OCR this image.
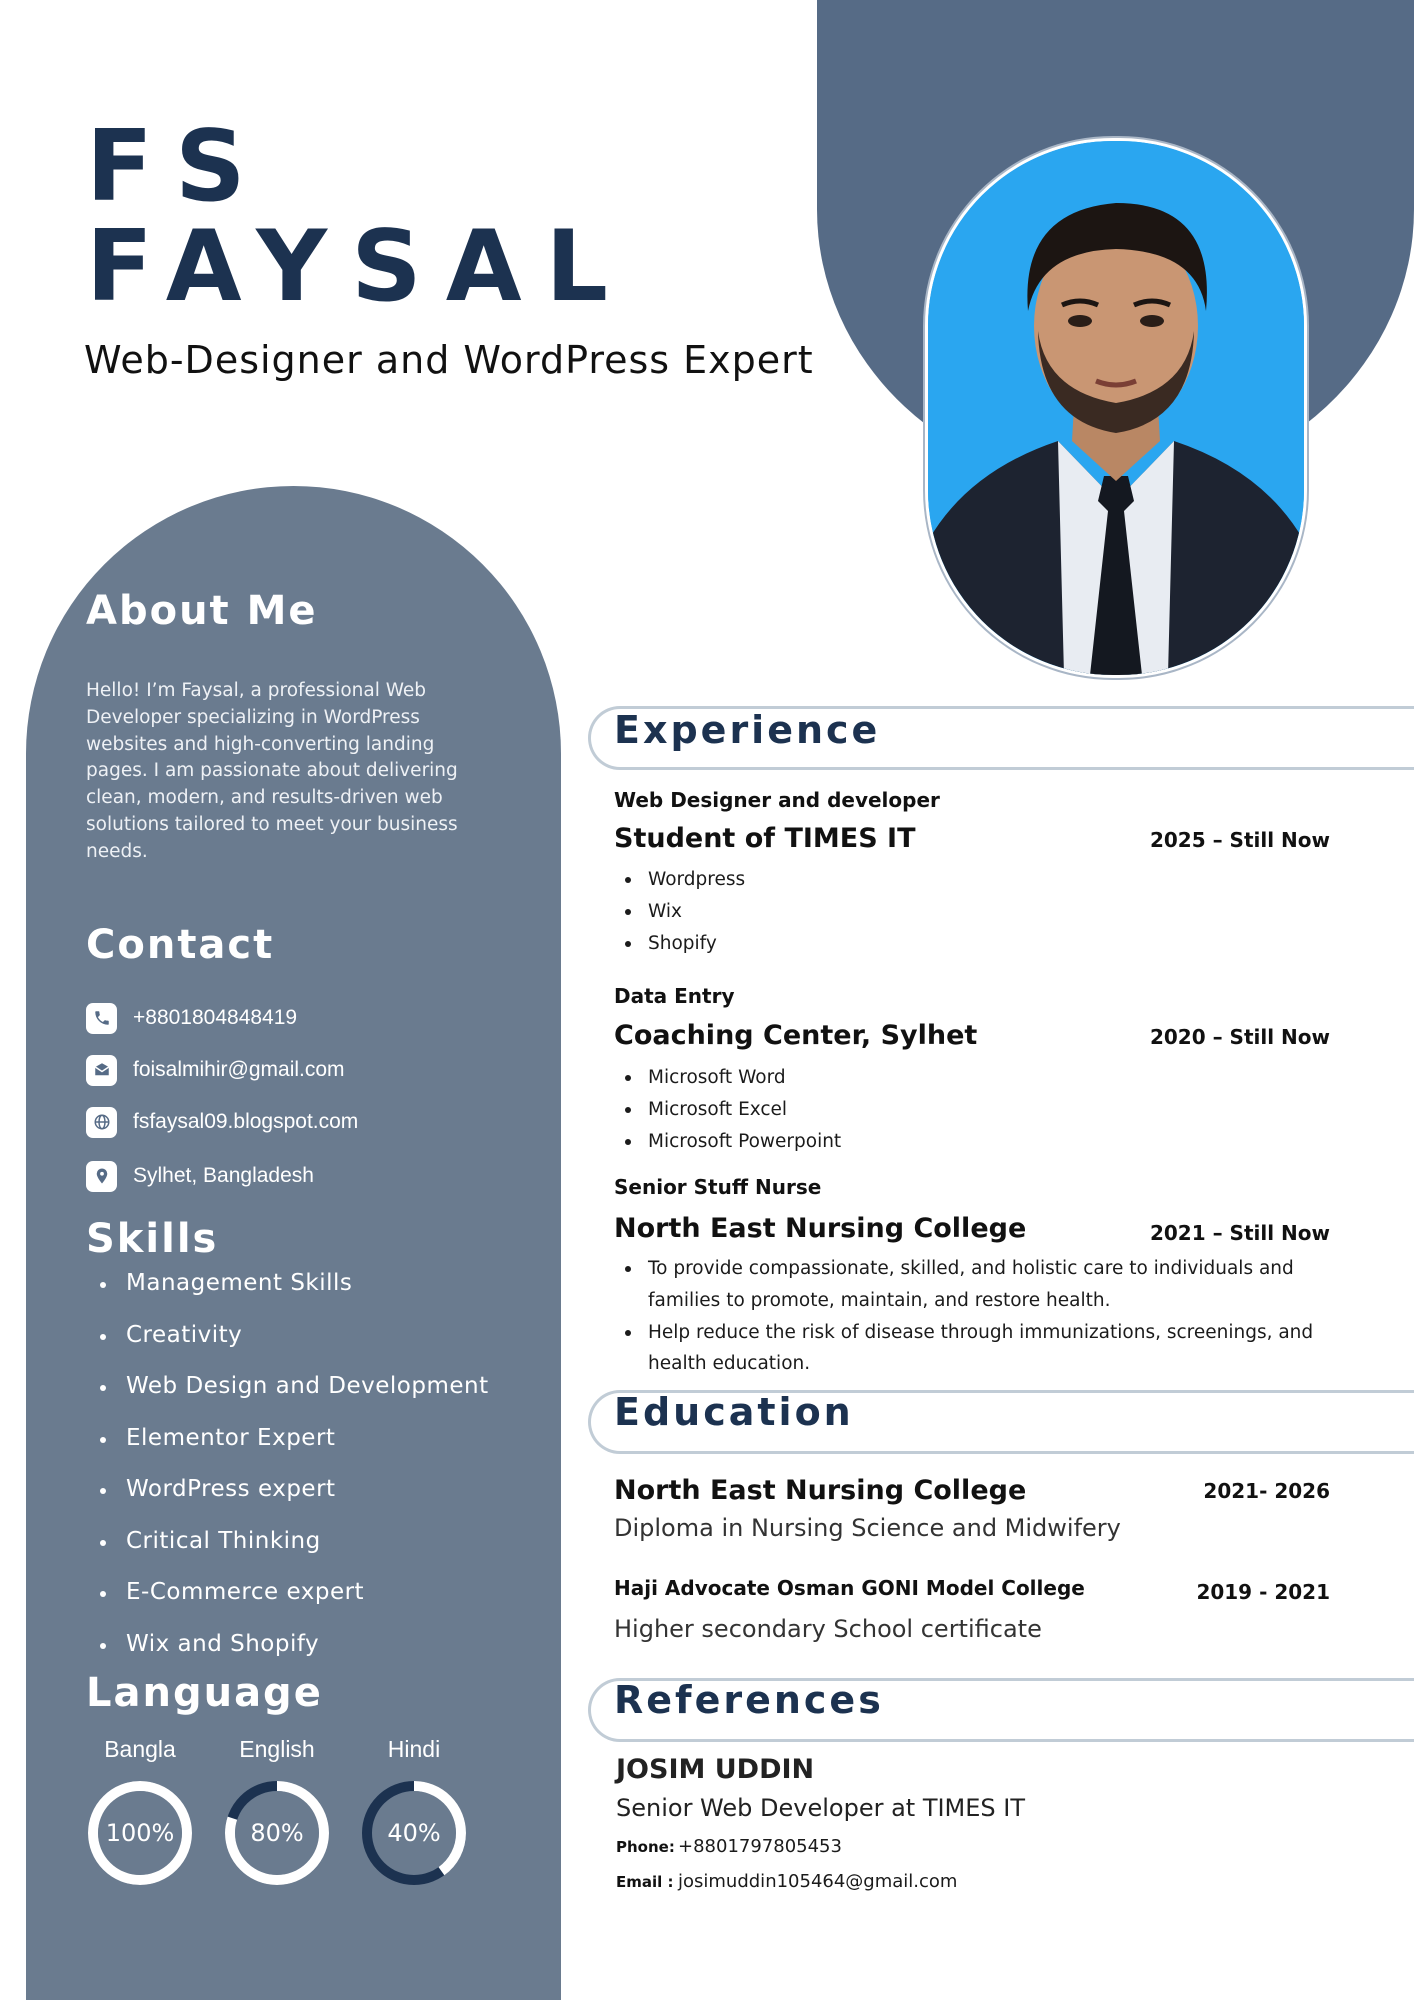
FS
FAYSAL
Web-Designer and WordPress Expert
About Me
Hello! I’m Faysal, a professional Web Developer specializing in WordPress websites and high-converting landing pages. I am passionate about delivering clean, modern, and results-driven web solutions tailored to meet your business needs.
Contact
+8801804848419
foisalmihir@gmail.com
fsfaysal09.blogspot.com
Sylhet, Bangladesh
Skills
Management Skills
Creativity
Web Design and Development
Elementor Expert
WordPress expert
Critical Thinking
E-Commerce expert
Wix and Shopify
Language
Bangla
100%
English
80%
Hindi
40%
Experience
Web Designer and developer
Student of TIMES IT	2025 – Still Now
Wordpress
Wix
Shopify
Data Entry
Coaching Center, Sylhet	2020 – Still Now
Microsoft Word
Microsoft Excel
Microsoft Powerpoint
Senior Stuff Nurse
North East Nursing College	2021 – Still Now
To provide compassionate, skilled, and holistic care to individuals and families to promote, maintain, and restore health.
Help reduce the risk of disease through immunizations, screenings, and health education.
Education
North East Nursing College	2021- 2026
Diploma in Nursing Science and Midwifery
Haji Advocate Osman GONI Model College	2019 - 2021
Higher secondary School certificate
References
JOSIM UDDIN
Senior Web Developer at TIMES IT
Phone: +8801797805453
Email : josimuddin105464@gmail.com
